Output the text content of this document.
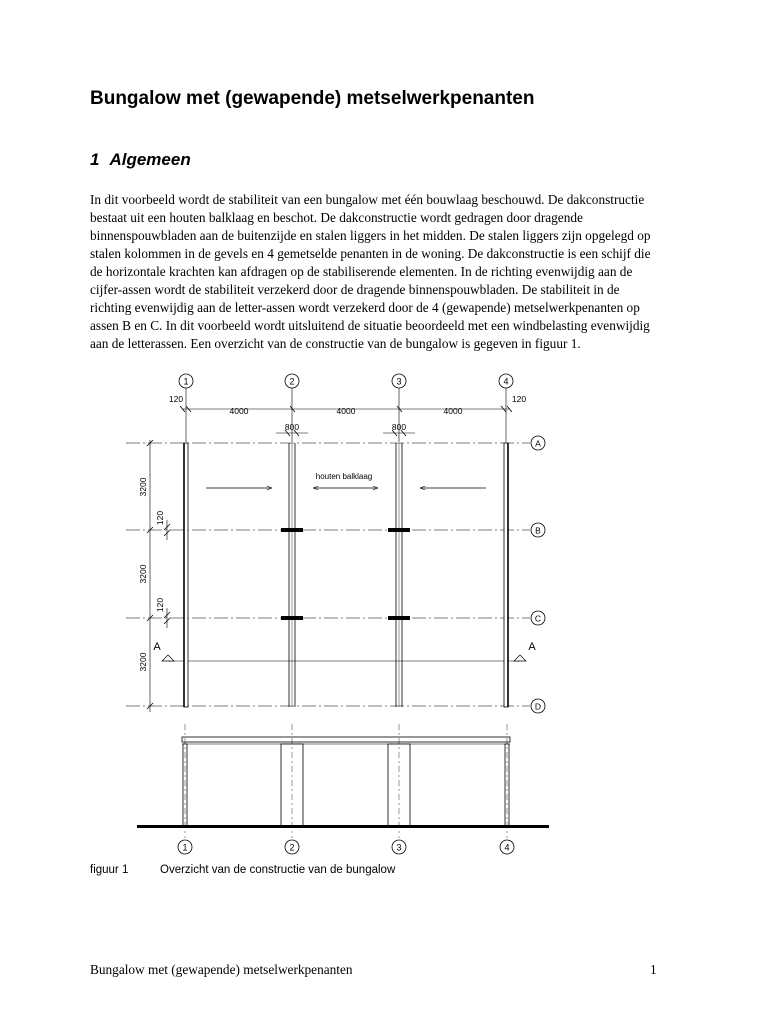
Bungalow met (gewapende) metselwerkpenanten
1 Algemeen

In dit voorbeeld wordt de stabiliteit van een bungalow met één bouwlaag beschouwd. De dakconstructie
bestaat uit een houten balklaag en beschot. De dakconstructie wordt gedragen door dragende
binnenspouwbladen aan de buitenzijde en stalen liggers in het midden. De stalen liggers zijn opgelegd op
stalen kolommen in de gevels en 4 gemetselde penanten in de woning. De dakconstructie is een schijf die
de horizontale krachten kan afdragen op de stabiliserende elementen. In de richting evenwijdig aan de
cijfer-assen wordt de stabiliteit verzekerd door de dragende binnenspouwbladen. De stabiliteit in de
richting evenwijdig aan de letter-assen wordt verzekerd door de 4 (gewapende) metselwerkpenanten op
assen B en C. In dit voorbeeld wordt uitsluitend de situatie beoordeeld met een windbelasting evenwijdig
aan de letterassen. Een overzicht van de constructie van de bungalow is gegeven in figuur 1.

1	2	3	4
4000	4000	4000
120	120
800	800
A
B
C
D
3200
3200
3200
120
120
houten balklaag
A	A
1	2	3	4
figuur 1	Overzicht van de constructie van de bungalow
Bungalow met (gewapende) metselwerkpenanten	1
